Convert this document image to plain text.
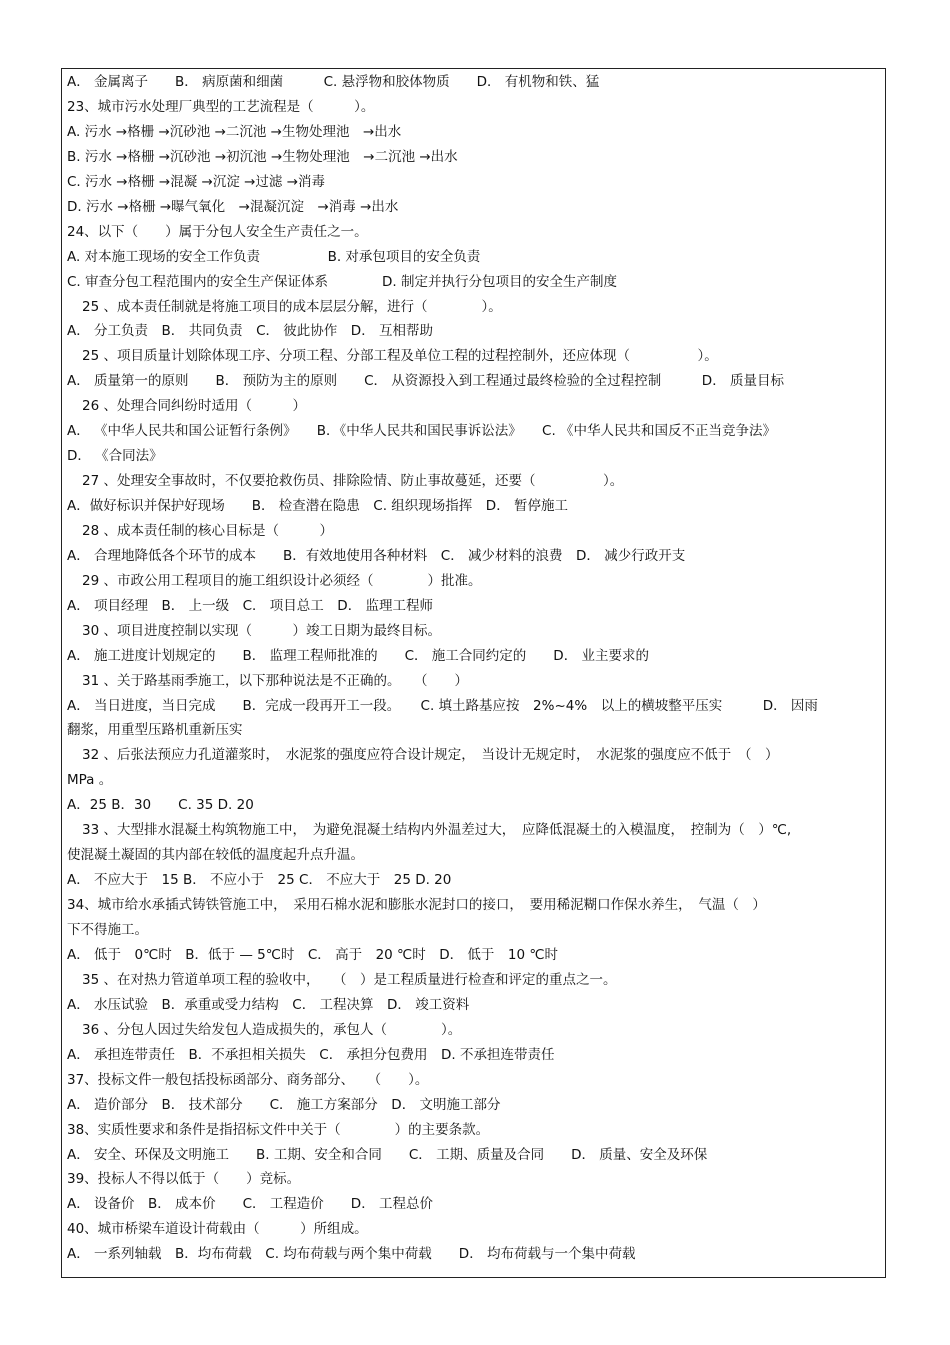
A． 金属离子　　B． 病原菌和细菌　　　C. 悬浮物和胶体物质　　D． 有机物和铁、猛
23、城市污水处理厂典型的工艺流程是（　　　）。
A. 污水 →格栅 →沉砂池 →二沉池 →生物处理池　→出水
B. 污水 →格栅 →沉砂池 →初沉池 →生物处理池　→二沉池 →出水
C. 污水 →格栅 →混凝 →沉淀 →过滤 →消毒
D. 污水 →格栅 →曝气氧化　→混凝沉淀　→消毒 →出水
24、以下（　　）属于分包人安全生产责任之一。
A. 对本施工现场的安全工作负责　　　　　B. 对承包项目的安全负责
C. 审查分包工程范围内的安全生产保证体系　　　　D. 制定并执行分包项目的安全生产制度
25 、成本责任制就是将施工项目的成本层层分解，进行（　　　　）。
A． 分工负责　B． 共同负责　C． 彼此协作　D． 互相帮助
25 、项目质量计划除体现工序、分项工程、分部工程及单位工程的过程控制外，还应体现（　　　　　）。
A． 质量第一的原则　　B． 预防为主的原则　　C． 从资源投入到工程通过最终检验的全过程控制　　　D． 质量目标
26 、处理合同纠纷时适用（　　　）
A． 《中华人民共和国公证暂行条例》　　B．《中华人民共和国民事诉讼法》　　C. 《中华人民共和国反不正当竞争法》
D． 《合同法》
27 、处理安全事故时，不仅要抢救伤员、排除险情、防止事故蔓延，还要（　　　　　）。
A．做好标识并保护好现场　　B． 检查潜在隐患　C. 组织现场指挥　D． 暂停施工
28 、成本责任制的核心目标是（　　　）
A． 合理地降低各个环节的成本　　B．有效地使用各种材料　C． 减少材料的浪费　D． 减少行政开支
29 、市政公用工程项目的施工组织设计必须经（　　　　）批准。
A． 项目经理　B． 上一级　C． 项目总工　D． 监理工程师
30 、项目进度控制以实现（　　　）竣工日期为最终目标。
A． 施工进度计划规定的　　B． 监理工程师批准的　　C． 施工合同约定的　　D． 业主要求的
31 、关于路基雨季施工，以下那种说法是不正确的。　　（　　）
A． 当日进度，当日完成　　B．完成一段再开工一段。　　C. 填土路基应按　2%~4%　以上的横坡整平压实　　　D． 因雨
翻浆，用重型压路机重新压实
32 、后张法预应力孔道灌浆时，　水泥浆的强度应符合设计规定，　当设计无规定时，　水泥浆的强度应不低于　（　）
MPa 。
A．25 B．30　　C. 35 D. 20
33 、大型排水混凝土构筑物施工中，　为避免混凝土结构内外温差过大，　应降低混凝土的入模温度，　控制为（　）℃,
使混凝土凝固的其内部在较低的温度起升点升温。
A． 不应大于　15 B． 不应小于　25 C． 不应大于　25 D. 20
34、城市给水承插式铸铁管施工中，　采用石棉水泥和膨胀水泥封口的接口，　要用稀泥糊口作保水养生，　气温（　）
下不得施工。
A． 低于　0℃时　B．低于 — 5℃时　C． 高于　20 ℃时　D． 低于　10 ℃时
35 、在对热力管道单项工程的验收中，　　（　）是工程质量进行检查和评定的重点之一。
A． 水压试验　B．承重或受力结构　C． 工程决算　D． 竣工资料
36 、分包人因过失给发包人造成损失的，承包人（　　　　）。
A． 承担连带责任　B．不承担相关损失　C． 承担分包费用　D. 不承担连带责任
37、投标文件一般包括投标函部分、商务部分、　　（　　）。
A． 造价部分　B． 技术部分　　C． 施工方案部分　D． 文明施工部分
38、实质性要求和条件是指招标文件中关于（　　　　）的主要条款。
A． 安全、环保及文明施工　　B. 工期、安全和合同　　C． 工期、质量及合同　　D． 质量、安全及环保
39、投标人不得以低于（　　）竞标。
A． 设备价　B． 成本价　　C． 工程造价　　D． 工程总价
40、城市桥梁车道设计荷载由（　　　）所组成。
A． 一系列轴载　B．均布荷载　C. 均布荷载与两个集中荷载　　D． 均布荷载与一个集中荷载
